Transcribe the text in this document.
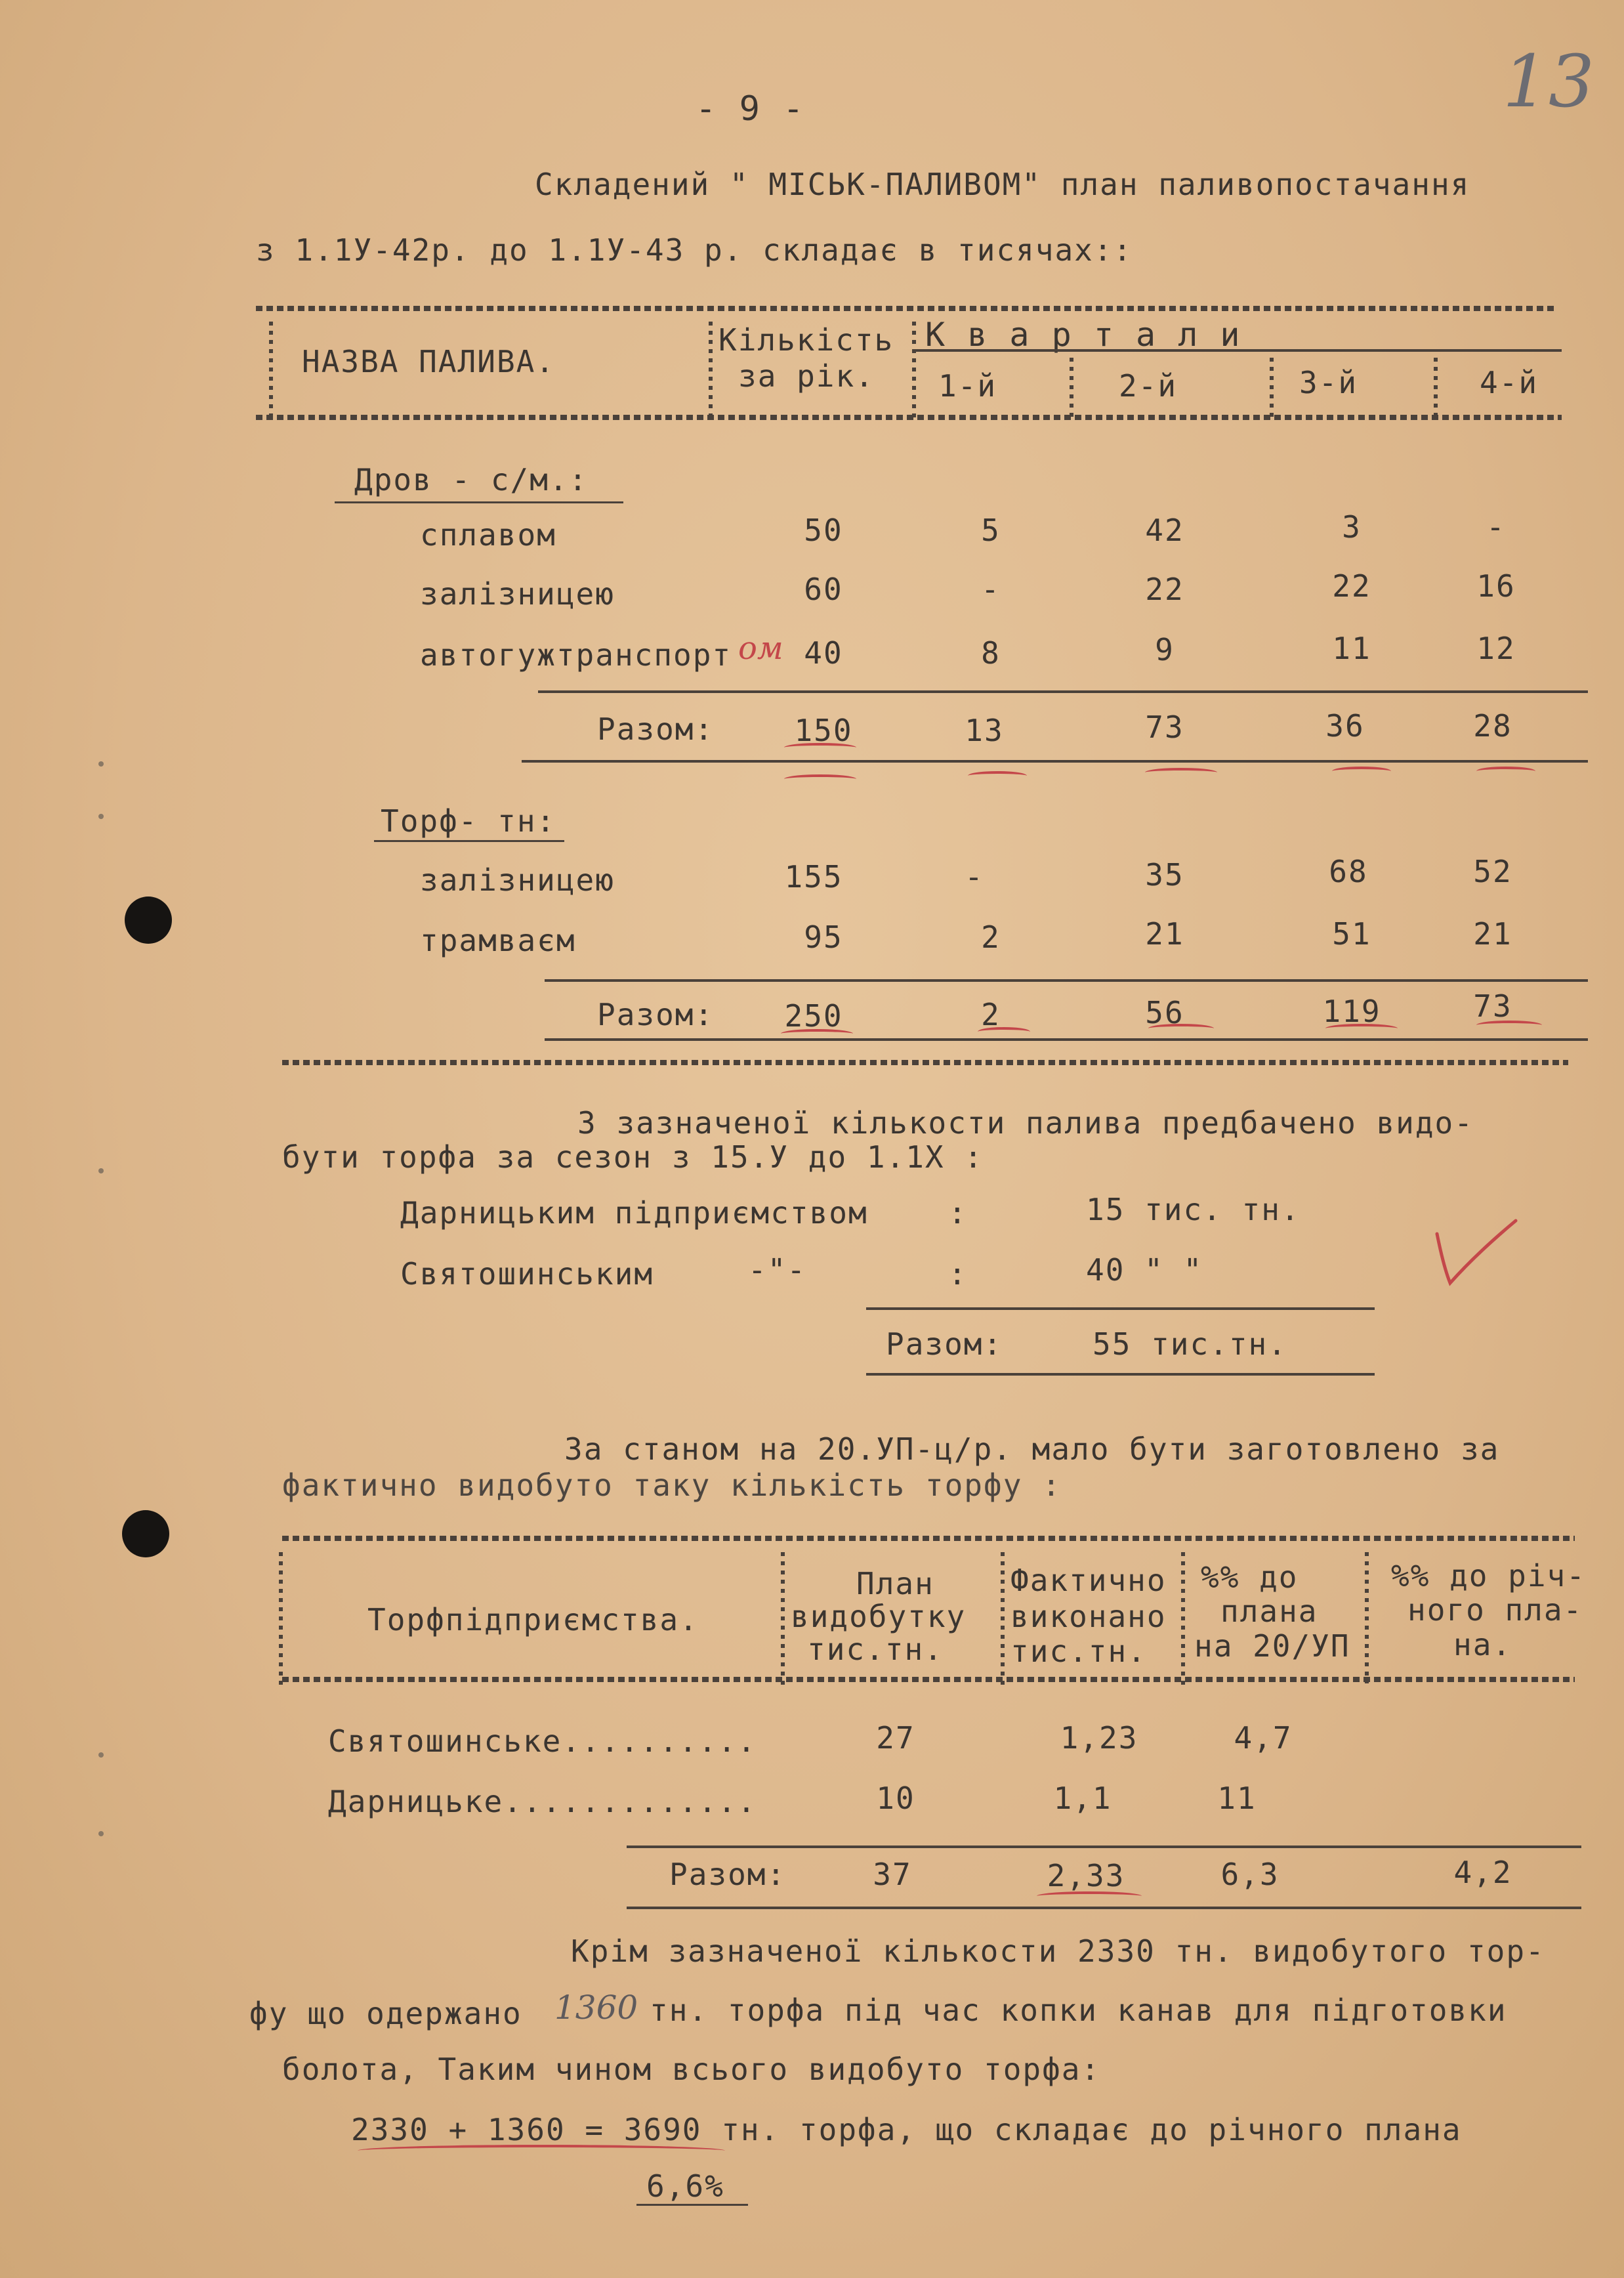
13
- 9 -
Складений " МІСЬК-ПАЛИВОМ" план паливопостачання
з 1.1У-42р. до 1.1У-43 р. складає в тисячах::
НАЗВА ПАЛИВА.
Кількість
за рік.
К в а р т а л и
1-й	2-й	3-й	4-й
Дров - с/м.:
сплавом	50	5	42	3	-
залізницею	60	-	22	22	16
автогужтранспорт ом 40	8	9	11	12
Разом:	150	13	73	36	28
Торф- тн:
залізницею	155	-	35	68	52
трамваєм	95	2	21	51	21
Разом:	250	2	56	119	73
З зазначеної кількости палива предбачено видо-
бути торфа за сезон з 15.У до 1.1Х :
Дарницьким підприємством	:	15 тис. тн.
Святошинським	-"-	:	40 " "
Разом:	55 тис.тн.
За станом на 20.УП-ц/р. мало бути заготовлено за
фактично видобуто таку кількість торфу :
Торфпідприємства.
План
видобутку
тис.тн.
Фактично
виконано
тис.тн.
%% до
плана
на 20/УП
%% до річ-
ного пла-
на.
Святошинське..........	27	1,23	4,7
Дарницьке.............	10	1,1	11
Разом:	37	2,33	6,3	4,2
Крім зазначеної кількости 2330 тн. видобутого тор-
фу що одержано 1360 тн. торфа під час копки канав для підготовки
болота, Таким чином всього видобуто торфа:
2330 + 1360 = 3690 тн. торфа, що складає до річного плана
6,6%
